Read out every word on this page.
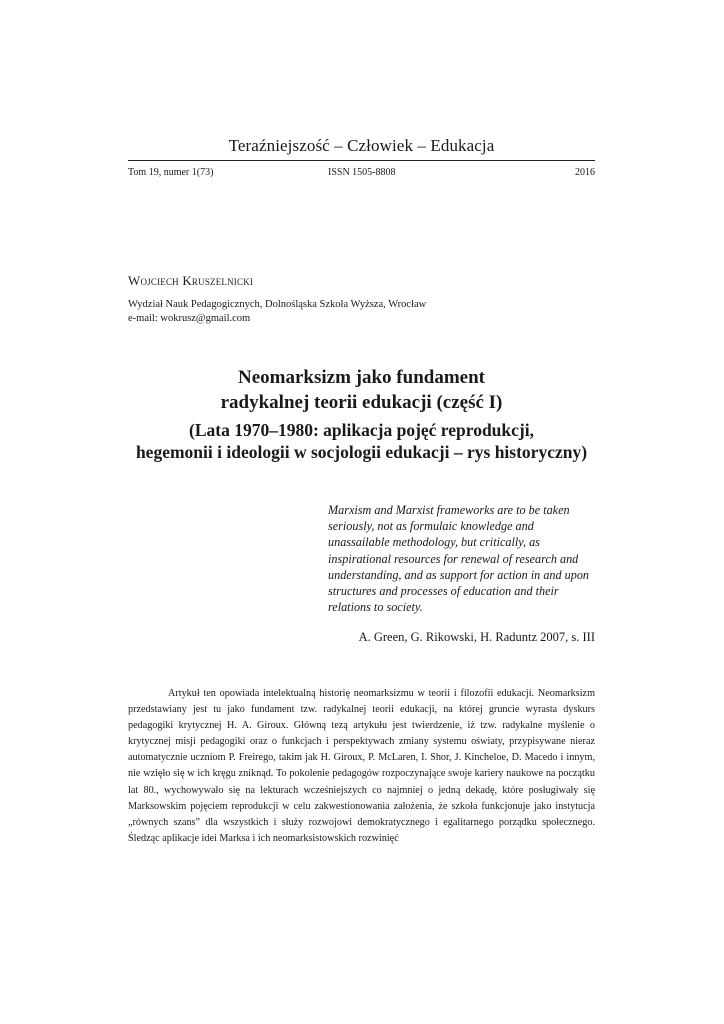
Teraźniejszość – Człowiek – Edukacja
Tom 19, numer 1(73)	ISSN 1505-8808	2016
Wojciech Kruszelnicki
Wydział Nauk Pedagogicznych, Dolnośląska Szkoła Wyższa, Wrocław
e-mail: wokrusz@gmail.com
Neomarksizm jako fundament
radykalnej teorii edukacji (część I)
(Lata 1970–1980: aplikacja pojęć reprodukcji,
hegemonii i ideologii w socjologii edukacji – rys historyczny)
Marxism and Marxist frameworks are to be taken seriously, not as formulaic knowledge and unassailable methodology, but critically, as inspirational resources for renewal of research and understanding, and as support for action in and upon structures and processes of education and their relations to society.
A. Green, G. Rikowski, H. Raduntz 2007, s. III
Artykuł ten opowiada intelektualną historię neomarksizmu w teorii i filozofii edukacji. Neomarksizm przedstawiany jest tu jako fundament tzw. radykalnej teorii edukacji, na której gruncie wyrasta dyskurs pedagogiki krytycznej H. A. Giroux. Główną tezą artykułu jest twierdzenie, iż tzw. radykalne myślenie o krytycznej misji pedagogiki oraz o funkcjach i perspektywach zmiany systemu oświaty, przypisywane nieraz automatycznie uczniom P. Freirego, takim jak H. Giroux, P. McLaren, I. Shor, J. Kincheloe, D. Macedo i innym, nie wzięło się w ich kręgu zniknąd. To pokolenie pedagogów rozpoczynające swoje kariery naukowe na początku lat 80., wychowywało się na lekturach wcześniejszych co najmniej o jedną dekadę, które posługiwały się Marksowskim pojęciem reprodukcji w celu zakwestionowania założenia, że szkoła funkcjonuje jako instytucja „równych szans” dla wszystkich i służy rozwojowi demokratycznego i egalitarnego porządku społecznego. Śledząc aplikacje idei Marksa i ich neomarksistowskich rozwinięć
